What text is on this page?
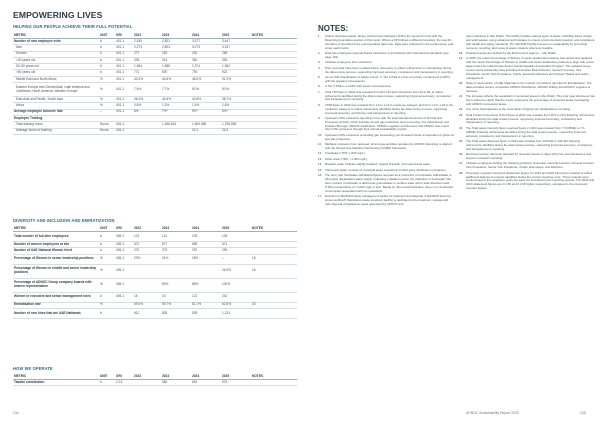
EMPOWERING LIVES
HELPING OUR PEOPLE ACHIEVE THEIR FULL POTENTIAL
METRIC	UNIT	GRI	2022	2023	2024	2025	NOTES
Number of new employee exits	#	401-1	2,530	2,822	3,377	3,447	
Men	#	401-1	2,273	2,603	3,073	3,157	
Women	#	401-1	277	253	252	266	
<30 years old	#	401-1	335	314	382	353	
30–50 years old	#	401-1	1,484	1,588	1,374	1,362	
>50 years old	#	401-1	771	920	790	922	
Middle East and North Africa	%	401-1	43.3%	44.6%	46.0%	51.2%	
Eastern Europe and Central Asia, Latin America and Caribbean, North America, Western Europe	%	401-1	7.6%	7.7%	8.0%	8.0%	
East Asia and Pacific, South Asia	%	401-1	46.4%	44.6%	42.8%	38.7%	
Africa	%	401-1	0.8%	1.3%	1.4%	1.6%	
Average employee turnover rate	–	401-1	6%	7%*	5%*	5%*	
Employee Training							
Total training hours	Hours	404-1		1,268,524	1,669,068	1,798,268	
Average hours of training	Hours	404-1			20.1	24.3	
DIVERSITY AND INCLUSION AND EMIRATIZATION
METRIC	UNIT	GRI	2022	2023	2024	2025	NOTES
Total number of full-time employees	#	405-1	121	121	120	125	
Number of women employees at site	#	405-1	672	677	689	671	
Number of UAE National Women hired	#	405-1	279	279	297	290	
Percentage of Women in senior leadership positions	%	405-1	20%	21%	18%	–	15
Percentage of Women in middle and senior leadership positions	%	405-1				26.9%	16
Percentage of ADNOC Group company boards with women representation	%	405-1		80%	85%	100%	
Women in executive and senior management roles	#	405-1	15	16	121	242	
Emiratization rate	%		59.0%	59.7%	61.1%	62.8%	20
Number of new hires that are UAE Nationals	#		612	826	539	1,124	
HOW WE OPERATE
METRIC	UNIT	GRI	2022	2023	2024	2025	NOTES
Takaful contribution	#	2-16		380	640	976	
NOTES:
1.	Unless otherwise stated, all key performance indicators (KPIs) are reported in line with the Reporting boundaries section of this report. Where a KPI follows a different boundary, the specific boundary is specified in the corresponding data note. Data were collected for the performance year under each metric.
2.	Data has undergone external limited assurance in accordance with international standards (see page 151).
3.	Includes employees and contractors.
4.	Prior year data have been restated where necessary to reflect refinements in methodology during the data review process, supporting improved accuracy, consistency and transparency in reporting.
5.	As per IMF classification of safety events: 4. Tier 1 PSE is a loss of primary containment (LOPC) with the greatest consequence.
6.	A Tier 2 PSE is a LOPC with lesser consequences.
7.	Total TRI figure in 2022 was restated from 82 to 84 and contractors from 62 to 66; to reflect refinements identified during the data review process, supporting improved accuracy, consistency and transparency in reporting.
8.	TRIR figure in 2022 was restated from 1.0 to 1.13 in employee category and from 1.0 to 1.25 in the contractor category to reflect refinements identified during the data review process, supporting improved accuracy, consistency and transparency in reporting.
9.	Upstream GHG emissions reporting in line with the international divestment of Oil and Gas Processes (IOGP), which includes oil and gas production and processing. Our downstream unit includes Borouge, ADNOC Distribution, ADNOC Logistics and Services and ADNOC Gas report their GHG emissions through their annual sustainability reports.
10. Upstream GHG emissions (excluding gas processing) per thousand barrel of equivalent of gross oil and gas production.
11.	Methane emissions from upstream oil and gas activities operated by ADNOC Reporting is aligned with the Oil and Gas Methane Partnership (OGMP) framework.
12. Freshwater (TDS: 1,000 mg/L).
13. Other water (TDS: >1,000 mg/L).
14. Brackish water includes slightly brackish, treated brackish, and reproduced water.
15. Third-party water consists of municipal water supplies from third-party distribution companies.
16. The prior year freshwater withdrawal figures reported as a proportion of freshwater withdrawals to third-party desalination water supply. Following a detailed review, the indication of freshwater has been revised. Freshwater is defined as groundwater or surface water with a total dissolved solid (TDS) concentration of <1,000 mg/L or less. Based on this revised definition, there is no freshwater consumption associated with our operations.
17. Direction to MAJDAH waste management facility for treatment and disposal. A MAJDAH licenced known as BeAH (hazardous waste treatment facility) is dedicated to the treatment, storage and safe disposal of hazardous waste generated by ADNOC and
other industries in Abu Dhabi. This facility handles various types of waste, including liquid, sludge, and solid wastes, using advanced technologies to ensure environmental protection and compliance with health and safety standards. The MAJDAH facility focuses on sustainability by promoting recovery, recycling, and reuse of waste streams whenever feasible.
18. Protected areas are defined by the Environment Agency – Abu Dhabi.
19. In 2025, the metric Percentage of Women in senior leadership positions was retired and replaced with the metric Percentage of Women in middle and senior leadership positions to align with a new target under the UAE Private Sector Gender Equality Acceleration Program. The updated scope covers senior leadership roles including Executive Board Director, General Counsel, Vice Presidents, Senior Vice Presidents, Chiefs, Executive Directors and Division Heads and senior management.
20. Ratio of total number of UAE Nationals to the number of positions reported for Emiratization. The data excludes service companies ADNOC Distribution, ADNOC Drilling and ADNOC Logistics & Services.
21. The increase reflects the separation of protected areas in Abu Dhabi. This prior-year disclosure has been refined to clarify that the metric represents the percentage of protected areas overlapping with ADNOC concession areas.
22. Any minor discrepancies in the summation of figures are attributable to rounding.
23. Total Carbon Increments (CO2) figure in 2024 was restated from 26.5 to 26.6 following refinements identified during the data review process, supporting improved accuracy, consistency and transparency in reporting.
24. The Total waste intensity figure reported figure in 2024 was restated from 7.5 (t/BOE) to 7.6 (t/BOE) following refinements identified during the data review process, supporting improved accuracy, consistency and transparency in reporting.
25. The Total waste disposed figure in 2024 was restated from 109,940 to 109,440 following refinements identified during the data review process, supporting improved accuracy, consistency and transparency in reporting.
26. Decimal precision has been adjusted for selected metrics to align with prior year disclosures and support consistent reporting.
27. Includes employees holding the following positions: Associate, General Counsel, General Counsel, Vice Presidents, Senior Vice Presidents, Chiefs, Executives, and Directors.
28. Previously reported emissions abatement figures for 2023 and 2024 have been restated to reflect additional abatement projects identified during the current reporting cycle. These projects were implemented in the respective years but were not included in prior reporting periods. The 2023 and 2024 abatement figures are 0.1 Mt and 0.2 Mt higher respectively, compared to the previously reported figures.
134	ADNOC Sustainability Report 2025	135
